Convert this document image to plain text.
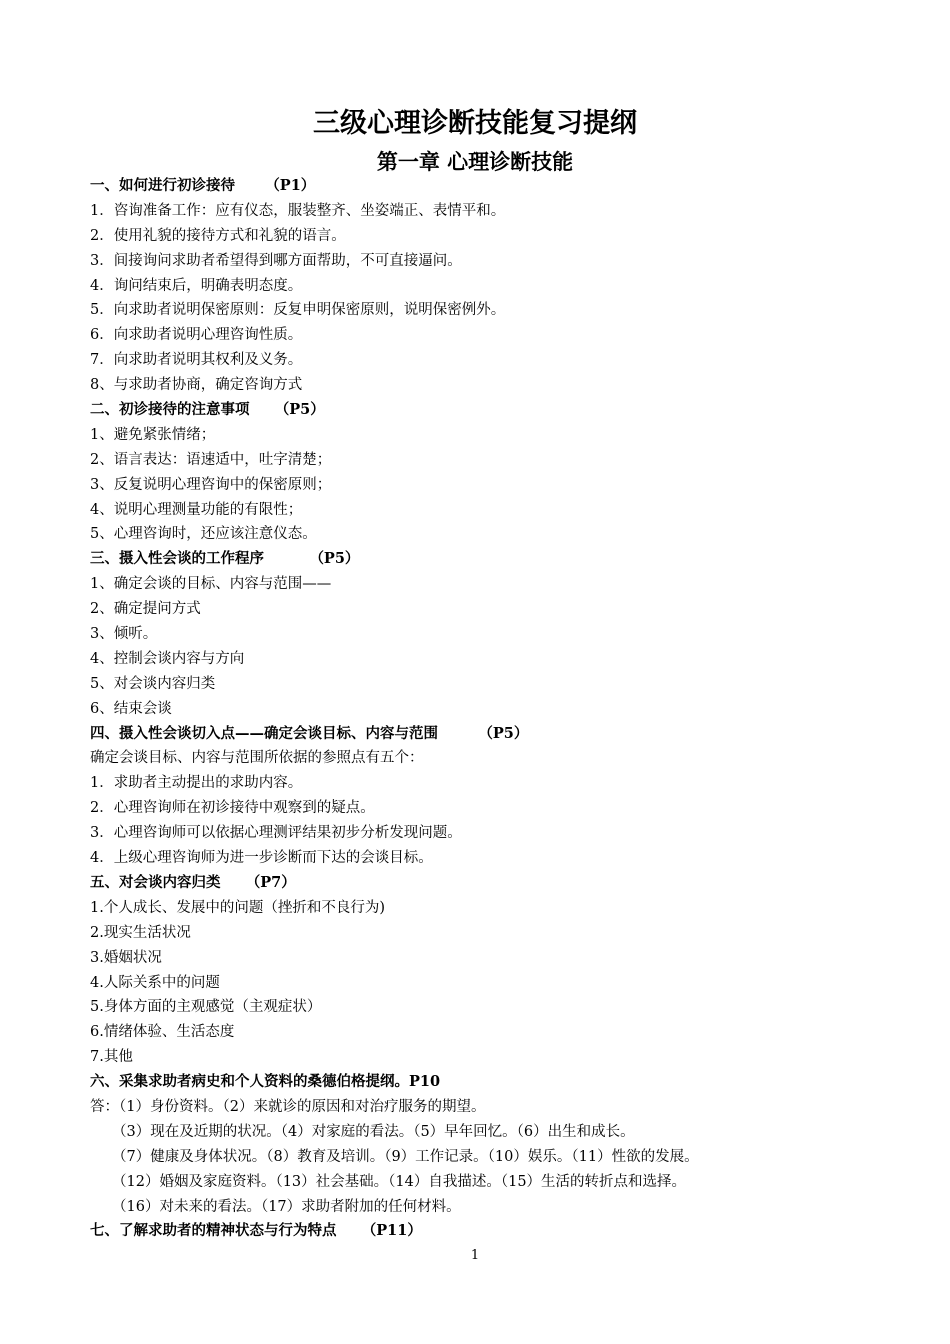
三级心理诊断技能复习提纲
第一章 心理诊断技能
一、如何进行初诊接待 （P1）
1．咨询准备工作：应有仪态，服装整齐、坐姿端正、表情平和。
2．使用礼貌的接待方式和礼貌的语言。
3．间接询问求助者希望得到哪方面帮助，不可直接逼问。
4．询问结束后，明确表明态度。
5．向求助者说明保密原则：反复申明保密原则，说明保密例外。
6．向求助者说明心理咨询性质。
7．向求助者说明其权利及义务。
8、与求助者协商，确定咨询方式
二、初诊接待的注意事项 （P5）
1、避免紧张情绪；
2、语言表达：语速适中，吐字清楚；
3、反复说明心理咨询中的保密原则；
4、说明心理测量功能的有限性；
5、心理咨询时，还应该注意仪态。
三、摄入性会谈的工作程序	（P5）
1、确定会谈的目标、内容与范围——
2、确定提问方式
3、倾听。
4、控制会谈内容与方向
5、对会谈内容归类
6、结束会谈
四、摄入性会谈切入点——确定会谈目标、内容与范围	（P5）
确定会谈目标、内容与范围所依据的参照点有五个：
1．求助者主动提出的求助内容。
2．心理咨询师在初诊接待中观察到的疑点。
3．心理咨询师可以依据心理测评结果初步分析发现问题。
4．上级心理咨询师为进一步诊断而下达的会谈目标。
五、对会谈内容归类 （P7）
1.个人成长、发展中的问题（挫折和不良行为)
2.现实生活状况
3.婚姻状况
4.人际关系中的问题
5.身体方面的主观感觉（主观症状）
6.情绪体验、生活态度
7.其他
六、采集求助者病史和个人资料的桑德伯格提纲。P10
答：（1）身份资料。（2）来就诊的原因和对治疗服务的期望。
（3）现在及近期的状况。（4）对家庭的看法。（5）早年回忆。（6）出生和成长。
（7）健康及身体状况。（8）教育及培训。（9）工作记录。（10）娱乐。（11）性欲的发展。
（12）婚姻及家庭资料。（13）社会基础。（14）自我描述。（15）生活的转折点和选择。
（16）对未来的看法。（17）求助者附加的任何材料。
七、了解求助者的精神状态与行为特点 （P11）
1
